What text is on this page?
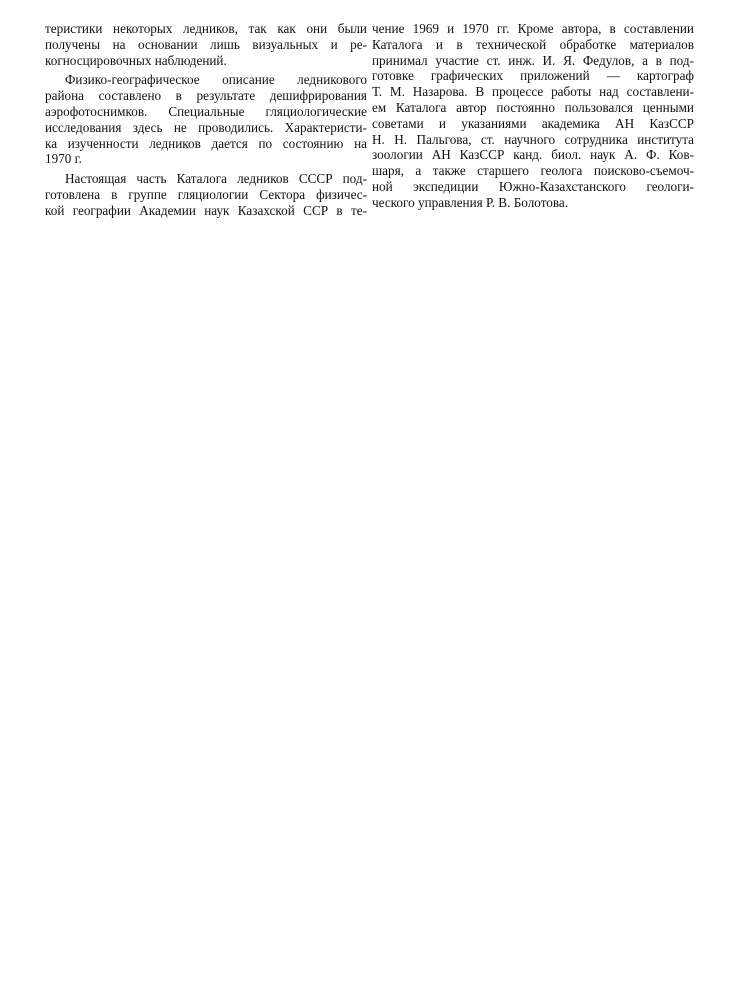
теристики некоторых ледников, так как они были
получены на основании лишь визуальных и ре-
когносцировочных наблюдений.
Физико-географическое описание ледникового
района составлено в результате дешифрирования
аэрофотоснимков. Специальные гляциологические
исследования здесь не проводились. Характеристи-
ка изученности ледников дается по состоянию на
1970 г.
Настоящая часть Каталога ледников СССР под-
готовлена в группе гляциологии Сектора физичес-
кой географии Академии наук Казахской ССР в те-
чение 1969 и 1970 гг. Кроме автора, в составлении
Каталога и в технической обработке материалов
принимал участие ст. инж. И. Я. Федулов, а в под-
готовке графических приложений — картограф
Т. М. Назарова. В процессе работы над составлени-
ем Каталога автор постоянно пользовался ценными
советами и указаниями академика АН КазССР
Н. Н. Пальгова, ст. научного сотрудника института
зоологии АН КазССР канд. биол. наук А. Ф. Ков-
шаря, а также старшего геолога поисково-съемоч-
ной экспедиции Южно-Казахстанского геологи-
ческого управления Р. В. Болотова.
